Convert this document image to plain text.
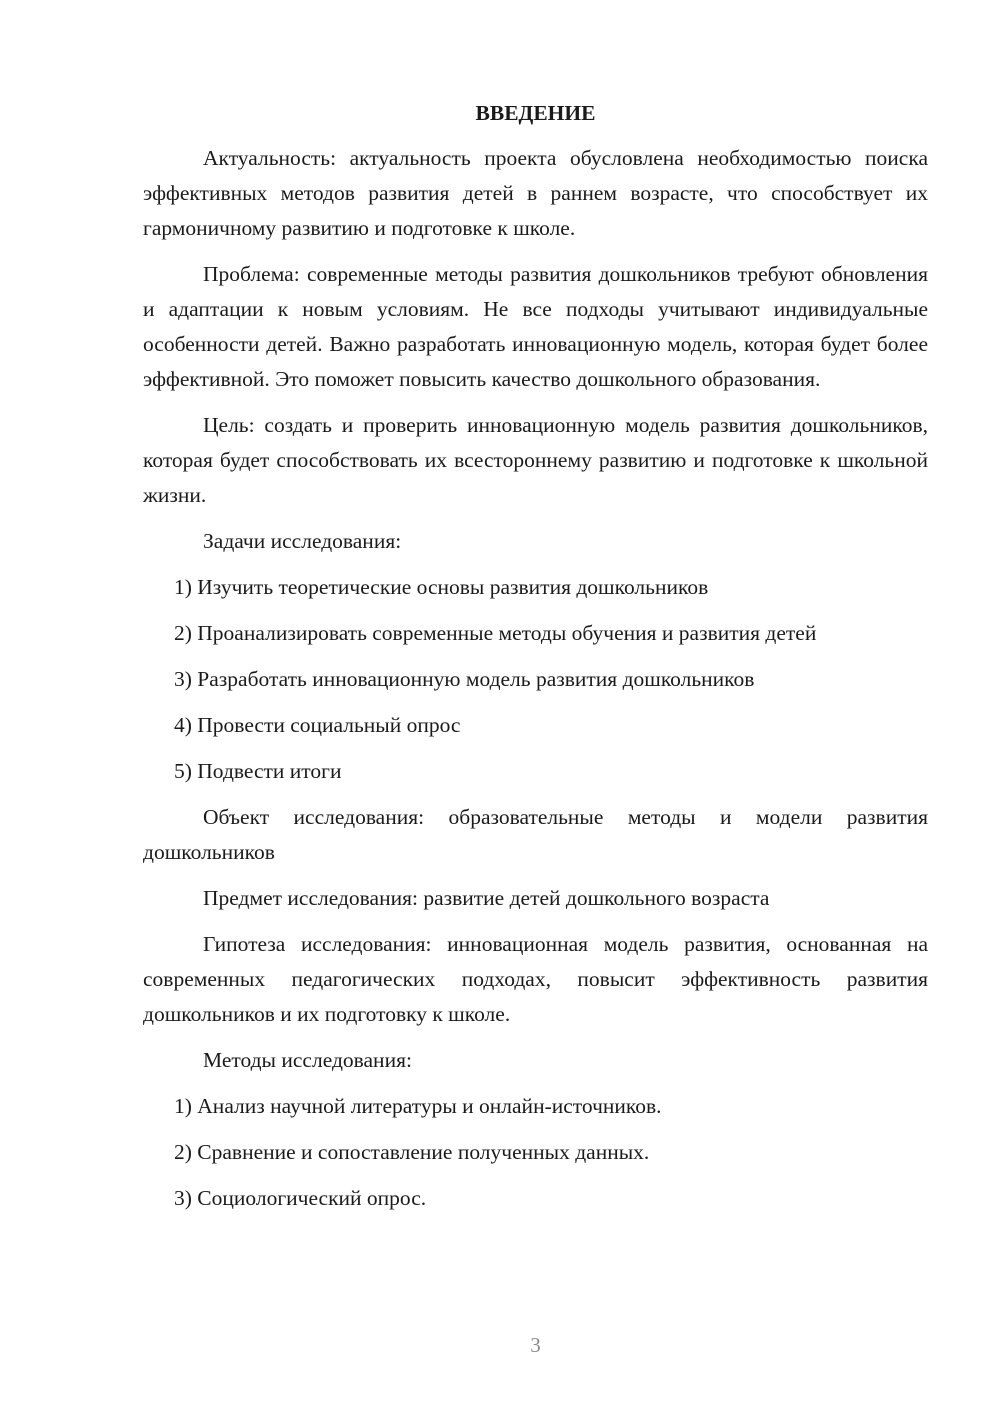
ВВЕДЕНИЕ

Актуальность: актуальность проекта обусловлена необходимостью поиска эффективных методов развития детей в раннем возрасте, что способствует их гармоничному развитию и подготовке к школе.

Проблема: современные методы развития дошкольников требуют обновления и адаптации к новым условиям. Не все подходы учитывают индивидуальные особенности детей. Важно разработать инновационную модель, которая будет более эффективной. Это поможет повысить качество дошкольного образования.

Цель: создать и проверить инновационную модель развития дошкольников, которая будет способствовать их всестороннему развитию и подготовке к школьной жизни.

Задачи исследования:

1) Изучить теоретические основы развития дошкольников

2) Проанализировать современные методы обучения и развития детей

3) Разработать инновационную модель развития дошкольников

4) Провести социальный опрос

5) Подвести итоги

Объект исследования: образовательные методы и модели развития дошкольников

Предмет исследования: развитие детей дошкольного возраста

Гипотеза исследования: инновационная модель развития, основанная на современных педагогических подходах, повысит эффективность развития дошкольников и их подготовку к школе.

Методы исследования:

1) Анализ научной литературы и онлайн-источников.

2) Сравнение и сопоставление полученных данных.

3) Социологический опрос.

3
